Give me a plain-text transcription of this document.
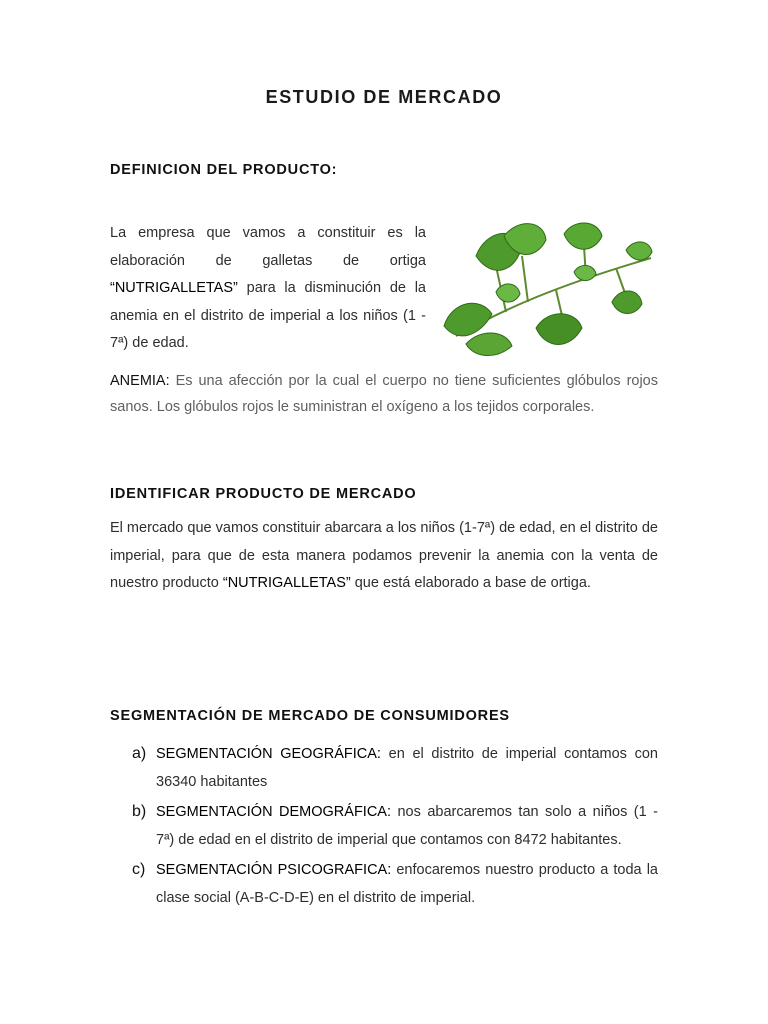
ESTUDIO DE MERCADO
DEFINICION DEL PRODUCTO:
La empresa que vamos a constituir es la elaboración de galletas de ortiga “NUTRIGALLETAS” para la disminución de la anemia en el distrito de imperial a los niños (1 - 7ª) de edad.
ANEMIA: Es una afección por la cual el cuerpo no tiene suficientes glóbulos rojos sanos. Los glóbulos rojos le suministran el oxígeno a los tejidos corporales.
IDENTIFICAR PRODUCTO DE MERCADO
El mercado que vamos constituir abarcara a los niños (1-7ª) de edad, en el distrito de imperial, para que de esta manera podamos prevenir la anemia con la venta de nuestro producto “NUTRIGALLETAS” que está elaborado a base de ortiga.
SEGMENTACIÓN DE MERCADO DE CONSUMIDORES
a) SEGMENTACIÓN GEOGRÁFICA: en el distrito de imperial contamos con 36340 habitantes
b) SEGMENTACIÓN DEMOGRÁFICA: nos abarcaremos tan solo a niños (1 - 7ª) de edad en el distrito de imperial que contamos con 8472 habitantes.
c) SEGMENTACIÓN PSICOGRAFICA: enfocaremos nuestro producto a toda la clase social (A-B-C-D-E) en el distrito de imperial.
